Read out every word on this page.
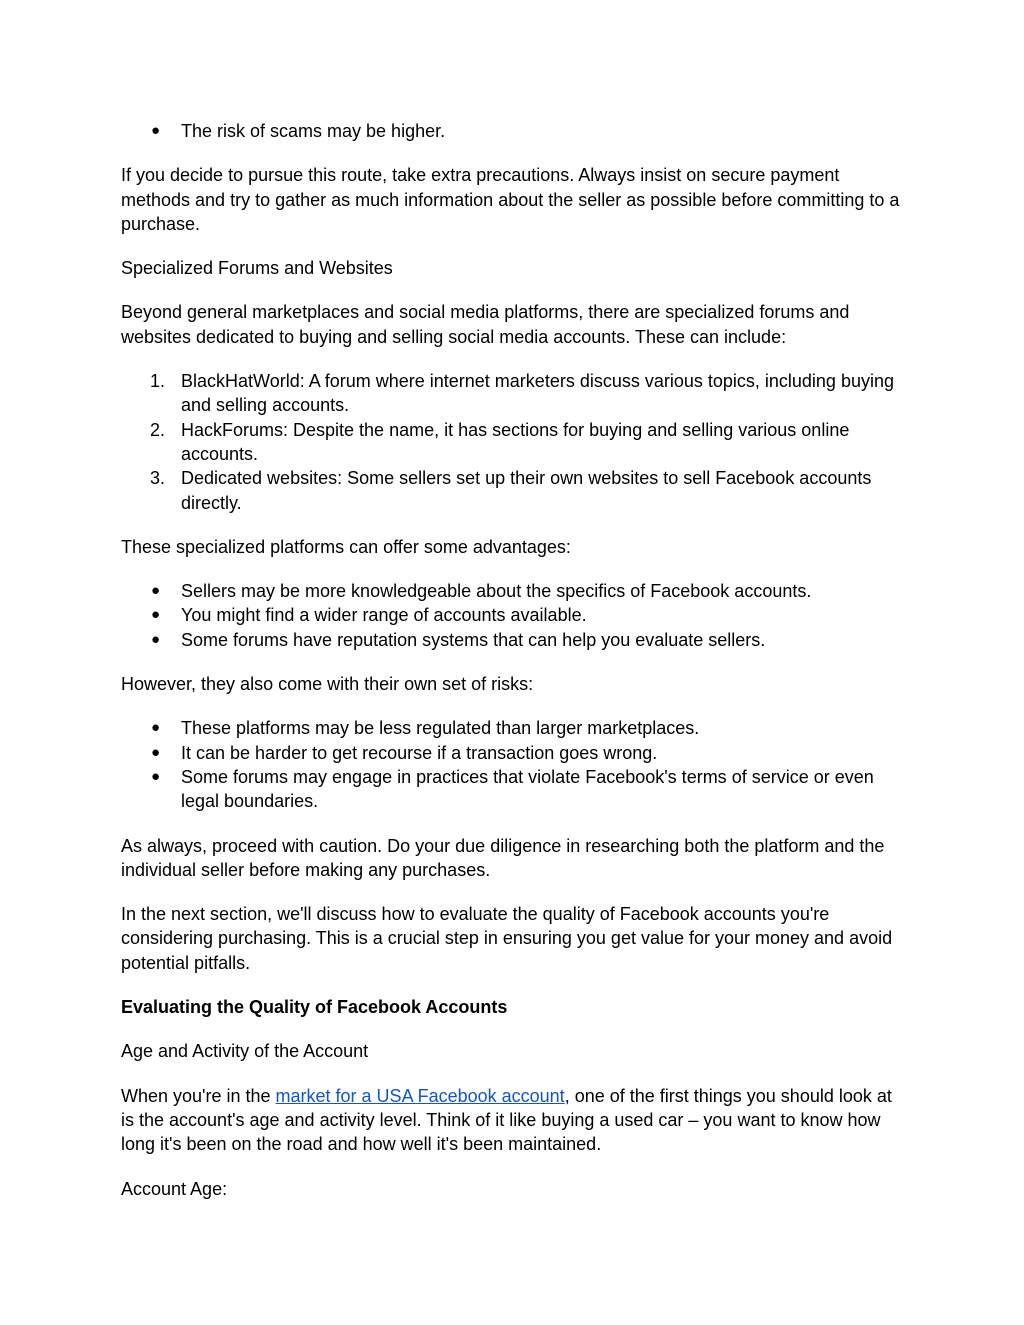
● The risk of scams may be higher.

If you decide to pursue this route, take extra precautions. Always insist on secure payment methods and try to gather as much information about the seller as possible before committing to a purchase.

Specialized Forums and Websites

Beyond general marketplaces and social media platforms, there are specialized forums and websites dedicated to buying and selling social media accounts. These can include:

1. BlackHatWorld: A forum where internet marketers discuss various topics, including buying and selling accounts.
2. HackForums: Despite the name, it has sections for buying and selling various online accounts.
3. Dedicated websites: Some sellers set up their own websites to sell Facebook accounts directly.

These specialized platforms can offer some advantages:

● Sellers may be more knowledgeable about the specifics of Facebook accounts.
● You might find a wider range of accounts available.
● Some forums have reputation systems that can help you evaluate sellers.

However, they also come with their own set of risks:

● These platforms may be less regulated than larger marketplaces.
● It can be harder to get recourse if a transaction goes wrong.
● Some forums may engage in practices that violate Facebook's terms of service or even legal boundaries.

As always, proceed with caution. Do your due diligence in researching both the platform and the individual seller before making any purchases.

In the next section, we'll discuss how to evaluate the quality of Facebook accounts you're considering purchasing. This is a crucial step in ensuring you get value for your money and avoid potential pitfalls.

Evaluating the Quality of Facebook Accounts

Age and Activity of the Account

When you're in the market for a USA Facebook account, one of the first things you should look at is the account's age and activity level. Think of it like buying a used car – you want to know how long it's been on the road and how well it's been maintained.

Account Age:
